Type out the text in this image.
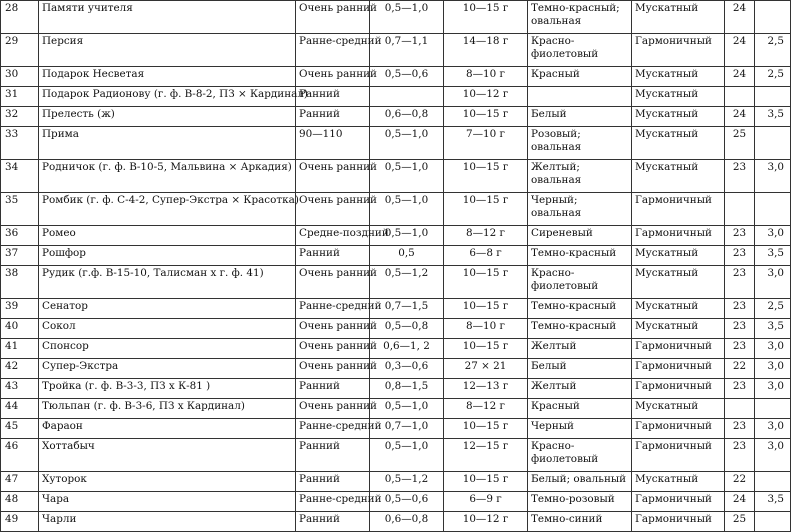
28	Памяти учителя	Очень ранний	0,5—1,0	10—15 г	Темно-красный; овальная	Мускатный	24	
29	Персия	Ранне-средний	0,7—1,1	14—18 г	Красно-фиолетовый	Гармоничный	24	2,5
30	Подарок Несветая	Очень ранний	0,5—0,6	8—10 г	Красный	Мускатный	24	2,5
31	Подарок Радионову (г. ф. В-8-2, ПЗ × Кардинал)	Ранний		10—12 г		Мускатный		
32	Прелесть (ж)	Ранний	0,6—0,8	10—15 г	Белый	Мускатный	24	3,5
33	Прима	90—110	0,5—1,0	7—10 г	Розовый; овальная	Мускатный	25	
34	Родничок (г. ф. В-10-5, Мальвина × Аркадия)	Очень ранний	0,5—1,0	10—15 г	Желтый; овальная	Мускатный	23	3,0
35	Ромбик (г. ф. С-4-2, Супер-Экстра × Красотка)	Очень ранний	0,5—1,0	10—15 г	Черный; овальная	Гармоничный		
36	Ромео	Средне-поздний	0,5—1,0	8—12 г	Сиреневый	Гармоничный	23	3,0
37	Рошфор	Ранний	0,5	6—8 г	Темно-красный	Мускатный	23	3,5
38	Рудик (г.ф. В-15-10, Талисман х г. ф. 41)	Очень ранний	0,5—1,2	10—15 г	Красно-фиолетовый	Мускатный	23	3,0
39	Сенатор	Ранне-средний	0,7—1,5	10—15 г	Темно-красный	Мускатный	23	2,5
40	Сокол	Очень ранний	0,5—0,8	8—10 г	Темно-красный	Мускатный	23	3,5
41	Спонсор	Очень ранний	0,6—1, 2	10—15 г	Желтый	Гармоничный	23	3,0
42	Супер-Экстра	Очень ранний	0,3—0,6	27 × 21	Белый	Гармоничный	22	3,0
43	Тройка (г. ф. В-3-3, ПЗ х К-81 )	Ранний	0,8—1,5	12—13 г	Желтый	Гармоничный	23	3,0
44	Тюльпан (г. ф. В-3-6, ПЗ х Кардинал)	Очень ранний	0,5—1,0	8—12 г	Красный	Мускатный		
45	Фараон	Ранне-средний	0,7—1,0	10—15 г	Черный	Гармоничный	23	3,0
46	Хоттабыч	Ранний	0,5—1,0	12—15 г	Красно-фиолетовый	Гармоничный	23	3,0
47	Хуторок	Ранний	0,5—1,2	10—15 г	Белый; овальный	Мускатный	22	
48	Чара	Ранне-средний	0,5—0,6	6—9 г	Темно-розовый	Гармоничный	24	3,5
49	Чарли	Ранний	0,6—0,8	10—12 г	Темно-синий	Гармоничный	25	
